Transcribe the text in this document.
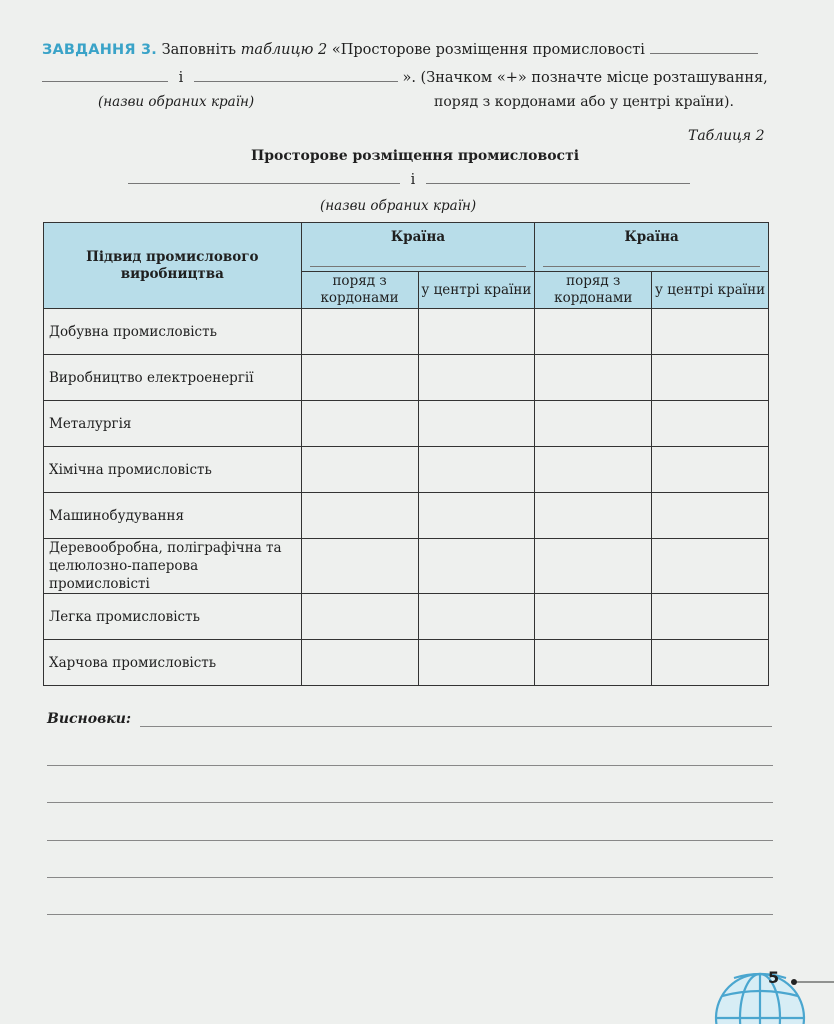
ЗАВДАННЯ 3. Заповніть таблицю 2 «Просторове розміщення промисловості
і	». (Значком «+» позначте місце розташування,
(назви обраних країн)	поряд з кордонами або у центрі країни).
Таблиця 2
Просторове розміщення промисловості
і
(назви обраних країн)
Підвид промислового виробництва	Країна		Країна	

	поряд з кордонами	у центрі країни	поряд з кордонами	у центрі країни
Добувна промисловість				
Виробництво електроенергії				
Металургія				
Хімічна промисловість				
Машинобудування				
Деревообробна, поліграфічна та целюлозно-паперова промисловісті				
Легка промисловість				
Харчова промисловість				
Висновки:
5
